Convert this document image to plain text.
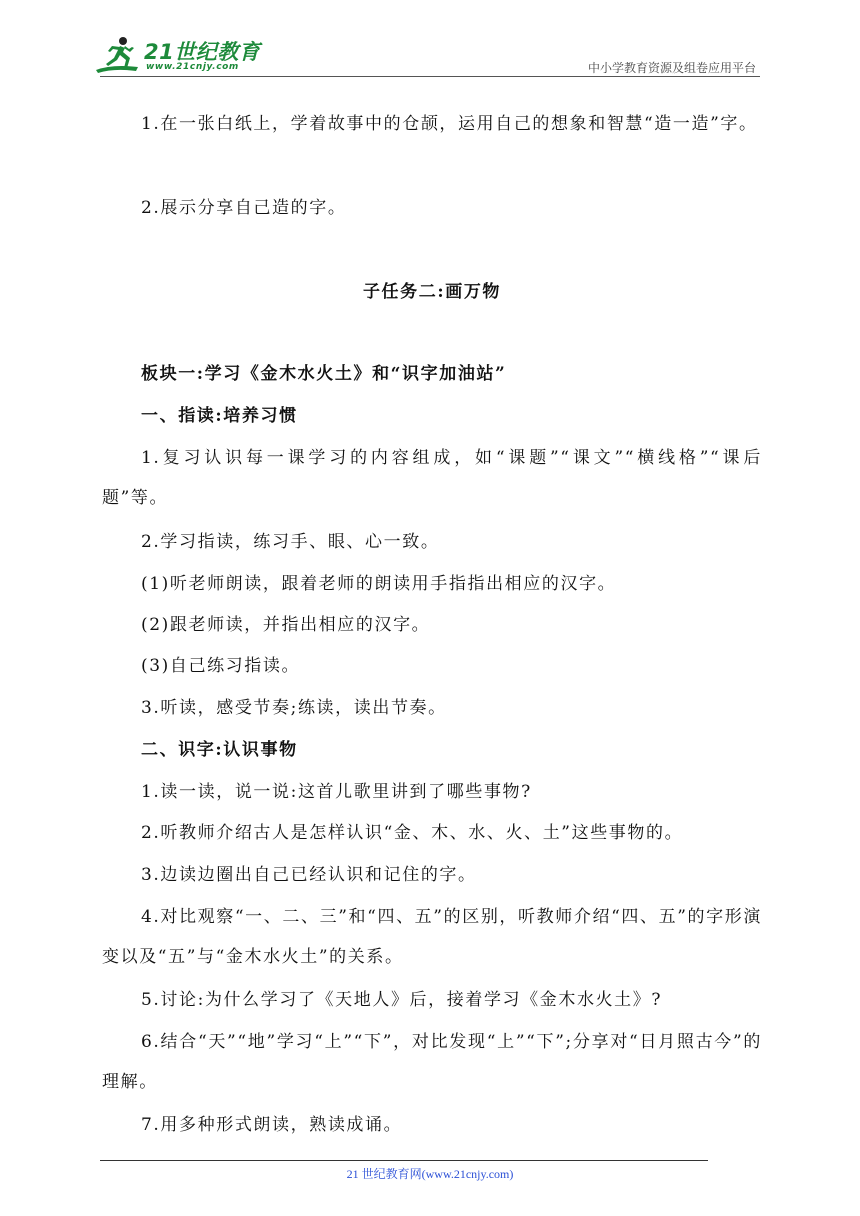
21世纪教育
www.21cnjy.com	中小学教育资源及组卷应用平台
1.在一张白纸上，学着故事中的仓颉，运用自己的想象和智慧“造一造”字。
2.展示分享自己造的字。
子任务二:画万物
板块一:学习《金木水火土》和“识字加油站”
一、指读:培养习惯
1.复习认识每一课学习的内容组成，如“课题”“课文”“横线格”“课后题”等。
2.学习指读，练习手、眼、心一致。
(1)听老师朗读，跟着老师的朗读用手指指出相应的汉字。
(2)跟老师读，并指出相应的汉字。
(3)自己练习指读。
3.听读，感受节奏;练读，读出节奏。
二、识字:认识事物
1.读一读，说一说:这首儿歌里讲到了哪些事物?
2.听教师介绍古人是怎样认识“金、木、水、火、土”这些事物的。
3.边读边圈出自己已经认识和记住的字。
4.对比观察“一、二、三”和“四、五”的区别，听教师介绍“四、五”的字形演变以及“五”与“金木水火土”的关系。
5.讨论:为什么学习了《天地人》后，接着学习《金木水火土》?
6.结合“天”“地”学习“上”“下”，对比发现“上”“下”;分享对“日月照古今”的理解。
7.用多种形式朗读，熟读成诵。
21 世纪教育网(www.21cnjy.com)
